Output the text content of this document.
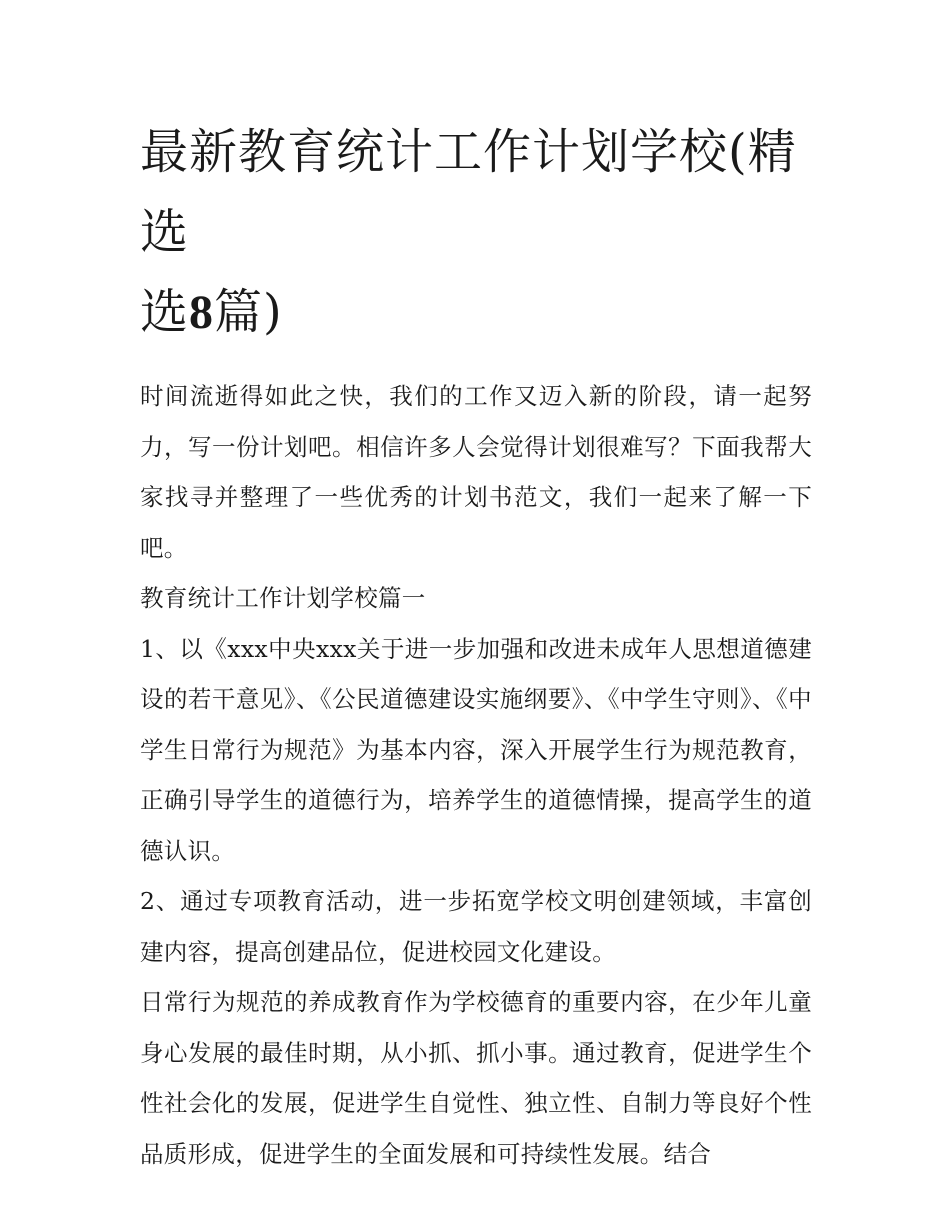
最新教育统计工作计划学校(精选
选8篇)

时间流逝得如此之快，我们的工作又迈入新的阶段，请一起努力，写一份计划吧。相信许多人会觉得计划很难写？下面我帮大家找寻并整理了一些优秀的计划书范文，我们一起来了解一下吧。

教育统计工作计划学校篇一

1、以《xxx中央xxx关于进一步加强和改进未成年人思想道德建设的若干意见》、《公民道德建设实施纲要》、《中学生守则》、《中学生日常行为规范》为基本内容，深入开展学生行为规范教育，正确引导学生的道德行为，培养学生的道德情操，提高学生的道德认识。

2、通过专项教育活动，进一步拓宽学校文明创建领域，丰富创建内容，提高创建品位，促进校园文化建设。

日常行为规范的养成教育作为学校德育的重要内容，在少年儿童身心发展的最佳时期，从小抓、抓小事。通过教育，促进学生个性社会化的发展，促进学生自觉性、独立性、自制力等良好个性品质形成，促进学生的全面发展和可持续性发展。结合
